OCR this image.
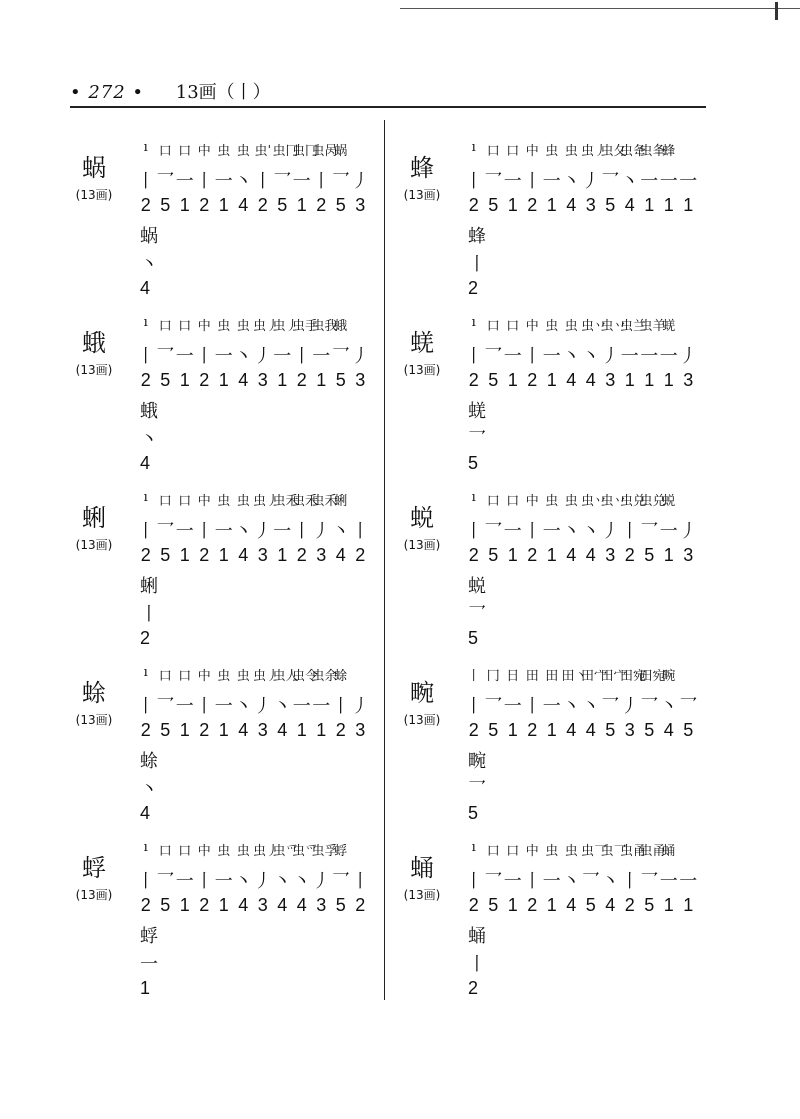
• 272 • 13画（丨）
蜗
(13画)
ı 口 口 中 虫 虫 虫ˈ 虫冂
虫冂
虫呙
蜗
丨 乛 一 丨 一 丶 丨 乛 一 丨 乛 丿
2 5 1 2 1 4 2 5 1 2 5 3
蜗
丶
4
蛾
(13画)
ı 口 口 中 虫 虫 虫丿
虫丿
虫手
虫我
蛾
丨 乛 一 丨 一 丶 丿 一 丨 一 乛 丿
2 5 1 2 1 4 3 1 2 1 5 3
蛾
丶
4
蜊
(13画)
ı 口 口 中 虫 虫 虫丿
虫禾
虫禾
虫禾
蜊
丨 乛 一 丨 一 丶 丿 一 丨 丿 丶 丨
2 5 1 2 1 4 3 1 2 3 4 2
蜊
丨
2
蜍
(13画)
ı 口 口 中 虫 虫 虫丿
虫人
虫令
虫余
蜍
丨 乛 一 丨 一 丶 丿 丶 一 一 丨 丿
2 5 1 2 1 4 3 4 1 1 2 3
蜍
丶
4
蜉
(13画)
ı 口 口 中 虫 虫 虫丿
虫爫
虫爫
虫孚
蜉
丨 乛 一 丨 一 丶 丿 丶 丶 丿 乛 丨
2 5 1 2 1 4 3 4 4 3 5 2
蜉
一
1
蜂
(13画)
ı 口 口 中 虫 虫 虫丿
虫夂
虫夅
虫夆
蜂
丨 乛 一 丨 一 丶 丿 乛 丶 一 一 一
2 5 1 2 1 4 3 5 4 1 1 1
蜂
丨
2
蜣
(13画)
ı 口 口 中 虫 虫 虫丷
虫丷
虫兰
虫羊
蜣
丨 乛 一 丨 一 丶 丶 丿 一 一 一 丿
2 5 1 2 1 4 4 3 1 1 1 3
蜣
乛
5
蜕
(13画)
ı 口 口 中 虫 虫 虫丷
虫丷
虫兑
虫兑
蜕
丨 乛 一 丨 一 丶 丶 丿 丨 乛 一 丿
2 5 1 2 1 4 4 3 2 5 1 3
蜕
乛
5
畹
(13画)
丨 冂 日 田 田 田丶
田宀
田宀
田宛
田宛
畹
丨 乛 一 丨 一 丶 丶 乛 丿 乛 丶 乛
2 5 1 2 1 4 4 5 3 5 4 5
畹
乛
5
蛹
(13画)
ı 口 口 中 虫 虫 虫乛
虫乛
虫甬
虫甬
蛹
丨 乛 一 丨 一 丶 乛 丶 丨 乛 一 一
2 5 1 2 1 4 5 4 2 5 1 1
蛹
丨
2
